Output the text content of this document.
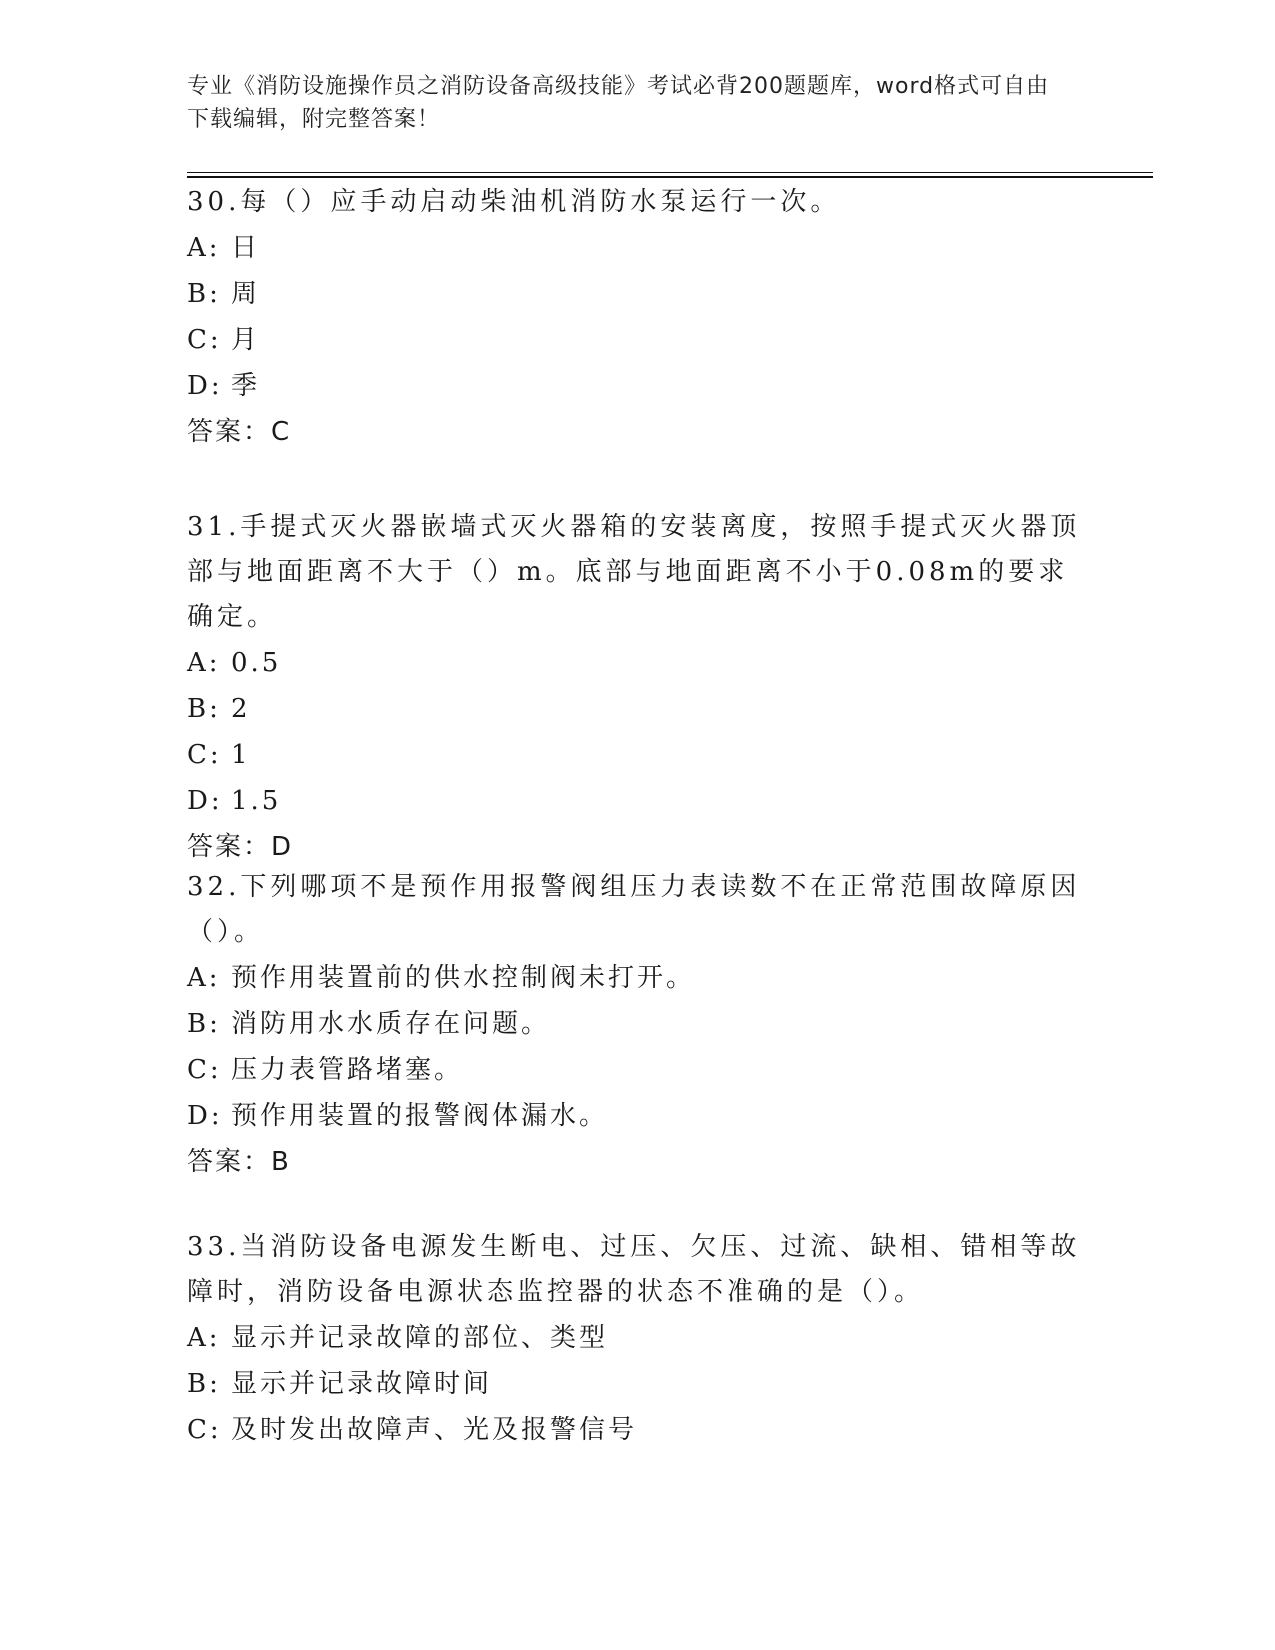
专业《消防设施操作员之消防设备高级技能》考试必背200题题库，word格式可自由下载编辑，附完整答案！

30.每（）应手动启动柴油机消防水泵运行一次。

A: 日

B: 周

C: 月

D: 季

答案：C

31.手提式灭火器嵌墙式灭火器箱的安装离度，按照手提式灭火器顶部与地面距离不大于（）m。底部与地面距离不小于0.08m的要求确定。

A: 0.5

B: 2

C: 1

D: 1.5

答案：D

32.下列哪项不是预作用报警阀组压力表读数不在正常范围故障原因（）。

A: 预作用装置前的供水控制阀未打开。

B: 消防用水水质存在问题。

C: 压力表管路堵塞。

D: 预作用装置的报警阀体漏水。

答案：B

33.当消防设备电源发生断电、过压、欠压、过流、缺相、错相等故障时，消防设备电源状态监控器的状态不准确的是（）。

A: 显示并记录故障的部位、类型

B: 显示并记录故障时间

C: 及时发出故障声、光及报警信号
